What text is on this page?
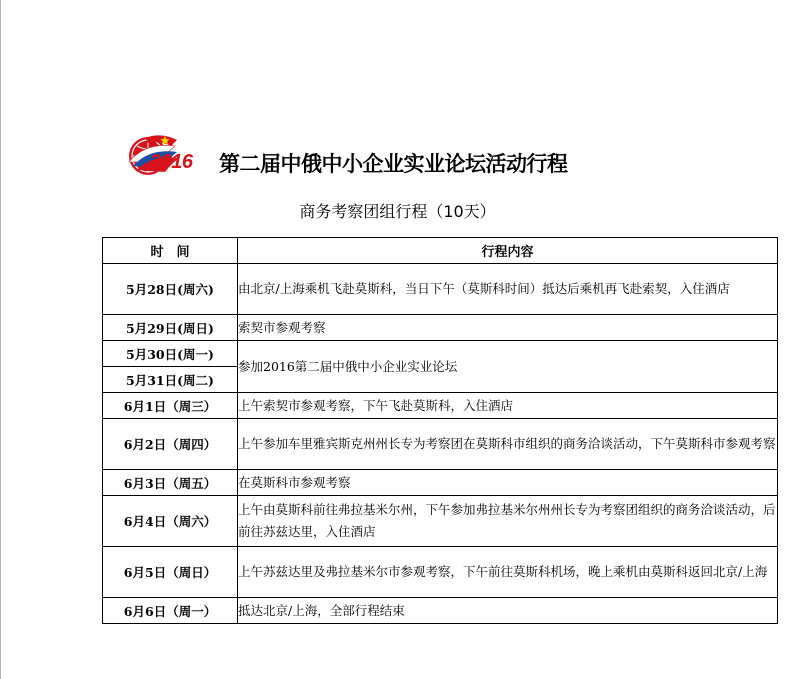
2016 第二届中俄中小企业实业论坛活动行程
商务考察团组行程（10天）
时　间	行程内容
5月28日(周六)	由北京/上海乘机飞赴莫斯科，当日下午（莫斯科时间）抵达后乘机再飞赴索契，入住酒店
5月29日(周日)	索契市参观考察
5月30日(周一)	参加2016第二届中俄中小企业实业论坛
5月31日(周二)	
6月1日（周三）	上午索契市参观考察，下午飞赴莫斯科，入住酒店
6月2日（周四）	上午参加车里雅宾斯克州州长专为考察团在莫斯科市组织的商务洽谈活动，下午莫斯科市参观考察
6月3日（周五）	在莫斯科市参观考察
6月4日（周六）	上午由莫斯科前往弗拉基米尔州，下午参加弗拉基米尔州州长专为考察团组织的商务洽谈活动，后前往苏兹达里，入住酒店
6月5日（周日）	上午苏兹达里及弗拉基米尔市参观考察，下午前往莫斯科机场，晚上乘机由莫斯科返回北京/上海
6月6日（周一）	抵达北京/上海，全部行程结束
